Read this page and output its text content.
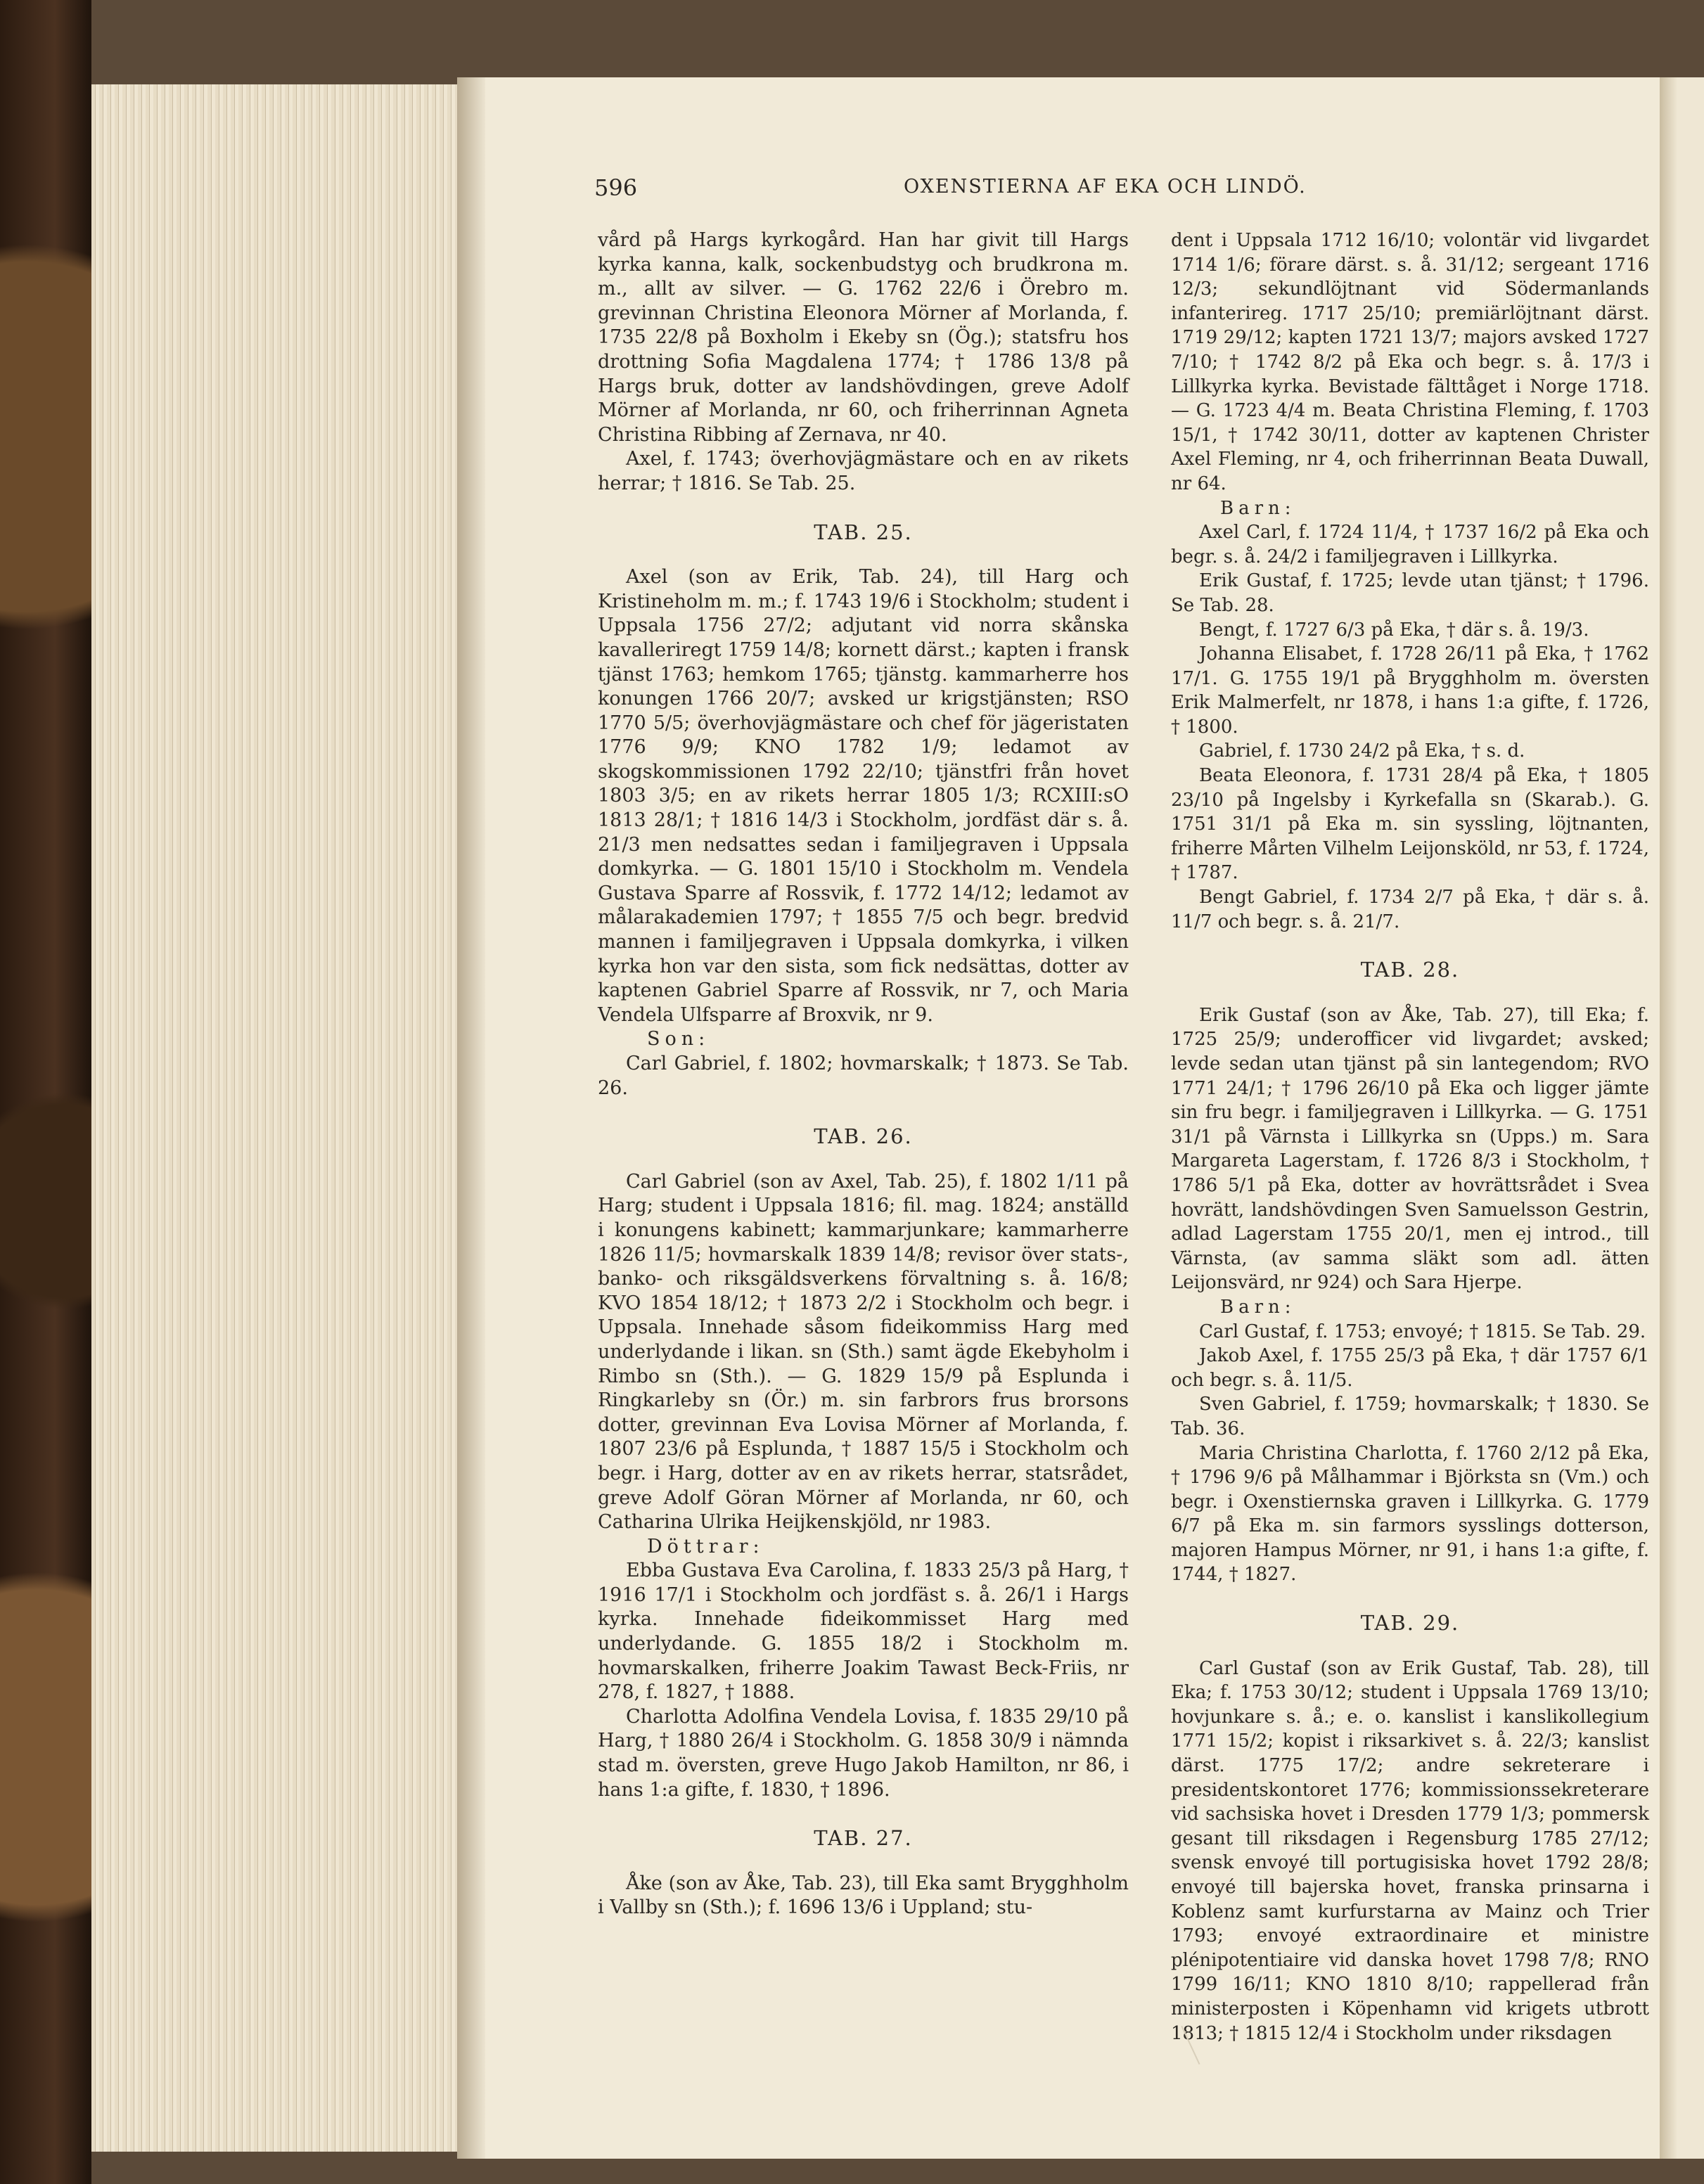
596	OXENSTIERNA AF EKA OCH LINDÖ.

vård på Hargs kyrkogård. Han har givit till Hargs kyrka kanna, kalk, sockenbudstyg och brudkrona m. m., allt av silver. — G. 1762 22/6 i Örebro m. grevinnan Christina Eleonora Mörner af Morlanda, f. 1735 22/8 på Boxholm i Ekeby sn (Ög.); statsfru hos drottning Sofia Magdalena 1774; † 1786 13/8 på Hargs bruk, dotter av landshövdingen, greve Adolf Mörner af Morlanda, nr 60, och friherrinnan Agneta Christina Ribbing af Zernava, nr 40.

Axel, f. 1743; överhovjägmästare och en av rikets herrar; † 1816. Se Tab. 25.

TAB. 25.

Axel (son av Erik, Tab. 24), till Harg och Kristineholm m. m.; f. 1743 19/6 i Stockholm; student i Uppsala 1756 27/2; adjutant vid norra skånska kavalleriregt 1759 14/8; kornett därst.; kapten i fransk tjänst 1763; hemkom 1765; tjänstg. kammarherre hos konungen 1766 20/7; avsked ur krigstjänsten; RSO 1770 5/5; överhovjägmästare och chef för jägeristaten 1776 9/9; KNO 1782 1/9; ledamot av skogskommissionen 1792 22/10; tjänstfri från hovet 1803 3/5; en av rikets herrar 1805 1/3; RCXIII:sO 1813 28/1; † 1816 14/3 i Stockholm, jordfäst där s. å. 21/3 men nedsattes sedan i familjegraven i Uppsala domkyrka. — G. 1801 15/10 i Stockholm m. Vendela Gustava Sparre af Rossvik, f. 1772 14/12; ledamot av målarakademien 1797; † 1855 7/5 och begr. bredvid mannen i familjegraven i Uppsala domkyrka, i vilken kyrka hon var den sista, som fick nedsättas, dotter av kaptenen Gabriel Sparre af Rossvik, nr 7, och Maria Vendela Ulfsparre af Broxvik, nr 9.

Son:

Carl Gabriel, f. 1802; hovmarskalk; † 1873. Se Tab. 26.

TAB. 26.

Carl Gabriel (son av Axel, Tab. 25), f. 1802 1/11 på Harg; student i Uppsala 1816; fil. mag. 1824; anställd i konungens kabinett; kammarjunkare; kammarherre 1826 11/5; hovmarskalk 1839 14/8; revisor över stats-, banko- och riksgäldsverkens förvaltning s. å. 16/8; KVO 1854 18/12; † 1873 2/2 i Stockholm och begr. i Uppsala. Innehade såsom fideikommiss Harg med underlydande i likan. sn (Sth.) samt ägde Ekebyholm i Rimbo sn (Sth.). — G. 1829 15/9 på Esplunda i Ringkarleby sn (Ör.) m. sin farbrors frus brorsons dotter, grevinnan Eva Lovisa Mörner af Morlanda, f. 1807 23/6 på Esplunda, † 1887 15/5 i Stockholm och begr. i Harg, dotter av en av rikets herrar, statsrådet, greve Adolf Göran Mörner af Morlanda, nr 60, och Catharina Ulrika Heijkenskjöld, nr 1983.

Döttrar:

Ebba Gustava Eva Carolina, f. 1833 25/3 på Harg, † 1916 17/1 i Stockholm och jordfäst s. å. 26/1 i Hargs kyrka. Innehade fideikommisset Harg med underlydande. G. 1855 18/2 i Stockholm m. hovmarskalken, friherre Joakim Tawast Beck-Friis, nr 278, f. 1827, † 1888.

Charlotta Adolfina Vendela Lovisa, f. 1835 29/10 på Harg, † 1880 26/4 i Stockholm. G. 1858 30/9 i nämnda stad m. översten, greve Hugo Jakob Hamilton, nr 86, i hans 1:a gifte, f. 1830, † 1896.

TAB. 27.

Åke (son av Åke, Tab. 23), till Eka samt Brygghholm i Vallby sn (Sth.); f. 1696 13/6 i Uppland; stu-

dent i Uppsala 1712 16/10; volontär vid livgardet 1714 1/6; förare därst. s. å. 31/12; sergeant 1716 12/3; sekundlöjtnant vid Södermanlands infanterireg. 1717 25/10; premiärlöjtnant därst. 1719 29/12; kapten 1721 13/7; majors avsked 1727 7/10; † 1742 8/2 på Eka och begr. s. å. 17/3 i Lillkyrka kyrka. Bevistade fälttåget i Norge 1718. — G. 1723 4/4 m. Beata Christina Fleming, f. 1703 15/1, † 1742 30/11, dotter av kaptenen Christer Axel Fleming, nr 4, och friherrinnan Beata Duwall, nr 64.

Barn:

Axel Carl, f. 1724 11/4, † 1737 16/2 på Eka och begr. s. å. 24/2 i familjegraven i Lillkyrka.

Erik Gustaf, f. 1725; levde utan tjänst; † 1796. Se Tab. 28.

Bengt, f. 1727 6/3 på Eka, † där s. å. 19/3.

Johanna Elisabet, f. 1728 26/11 på Eka, † 1762 17/1. G. 1755 19/1 på Brygghholm m. översten Erik Malmerfelt, nr 1878, i hans 1:a gifte, f. 1726, † 1800.

Gabriel, f. 1730 24/2 på Eka, † s. d.

Beata Eleonora, f. 1731 28/4 på Eka, † 1805 23/10 på Ingelsby i Kyrkefalla sn (Skarab.). G. 1751 31/1 på Eka m. sin syssling, löjtnanten, friherre Mårten Vilhelm Leijonsköld, nr 53, f. 1724, † 1787.

Bengt Gabriel, f. 1734 2/7 på Eka, † där s. å. 11/7 och begr. s. å. 21/7.

TAB. 28.

Erik Gustaf (son av Åke, Tab. 27), till Eka; f. 1725 25/9; underofficer vid livgardet; avsked; levde sedan utan tjänst på sin lantegendom; RVO 1771 24/1; † 1796 26/10 på Eka och ligger jämte sin fru begr. i familjegraven i Lillkyrka. — G. 1751 31/1 på Värnsta i Lillkyrka sn (Upps.) m. Sara Margareta Lagerstam, f. 1726 8/3 i Stockholm, † 1786 5/1 på Eka, dotter av hovrättsrådet i Svea hovrätt, landshövdingen Sven Samuelsson Gestrin, adlad Lagerstam 1755 20/1, men ej introd., till Värnsta, (av samma släkt som adl. ätten Leijonsvärd, nr 924) och Sara Hjerpe.

Barn:

Carl Gustaf, f. 1753; envoyé; † 1815. Se Tab. 29.

Jakob Axel, f. 1755 25/3 på Eka, † där 1757 6/1 och begr. s. å. 11/5.

Sven Gabriel, f. 1759; hovmarskalk; † 1830. Se Tab. 36.

Maria Christina Charlotta, f. 1760 2/12 på Eka, † 1796 9/6 på Målhammar i Björksta sn (Vm.) och begr. i Oxenstiernska graven i Lillkyrka. G. 1779 6/7 på Eka m. sin farmors sysslings dotterson, majoren Hampus Mörner, nr 91, i hans 1:a gifte, f. 1744, † 1827.

TAB. 29.

Carl Gustaf (son av Erik Gustaf, Tab. 28), till Eka; f. 1753 30/12; student i Uppsala 1769 13/10; hovjunkare s. å.; e. o. kanslist i kanslikollegium 1771 15/2; kopist i riksarkivet s. å. 22/3; kanslist därst. 1775 17/2; andre sekreterare i presidentskontoret 1776; kommissionssekreterare vid sachsiska hovet i Dresden 1779 1/3; pommersk gesant till riksdagen i Regensburg 1785 27/12; svensk envoyé till portugisiska hovet 1792 28/8; envoyé till bajerska hovet, franska prinsarna i Koblenz samt kurfurstarna av Mainz och Trier 1793; envoyé extraordinaire et ministre plénipotentiaire vid danska hovet 1798 7/8; RNO 1799 16/11; KNO 1810 8/10; rappellerad från ministerposten i Köpenhamn vid krigets utbrott 1813; † 1815 12/4 i Stockholm under riksdagen
